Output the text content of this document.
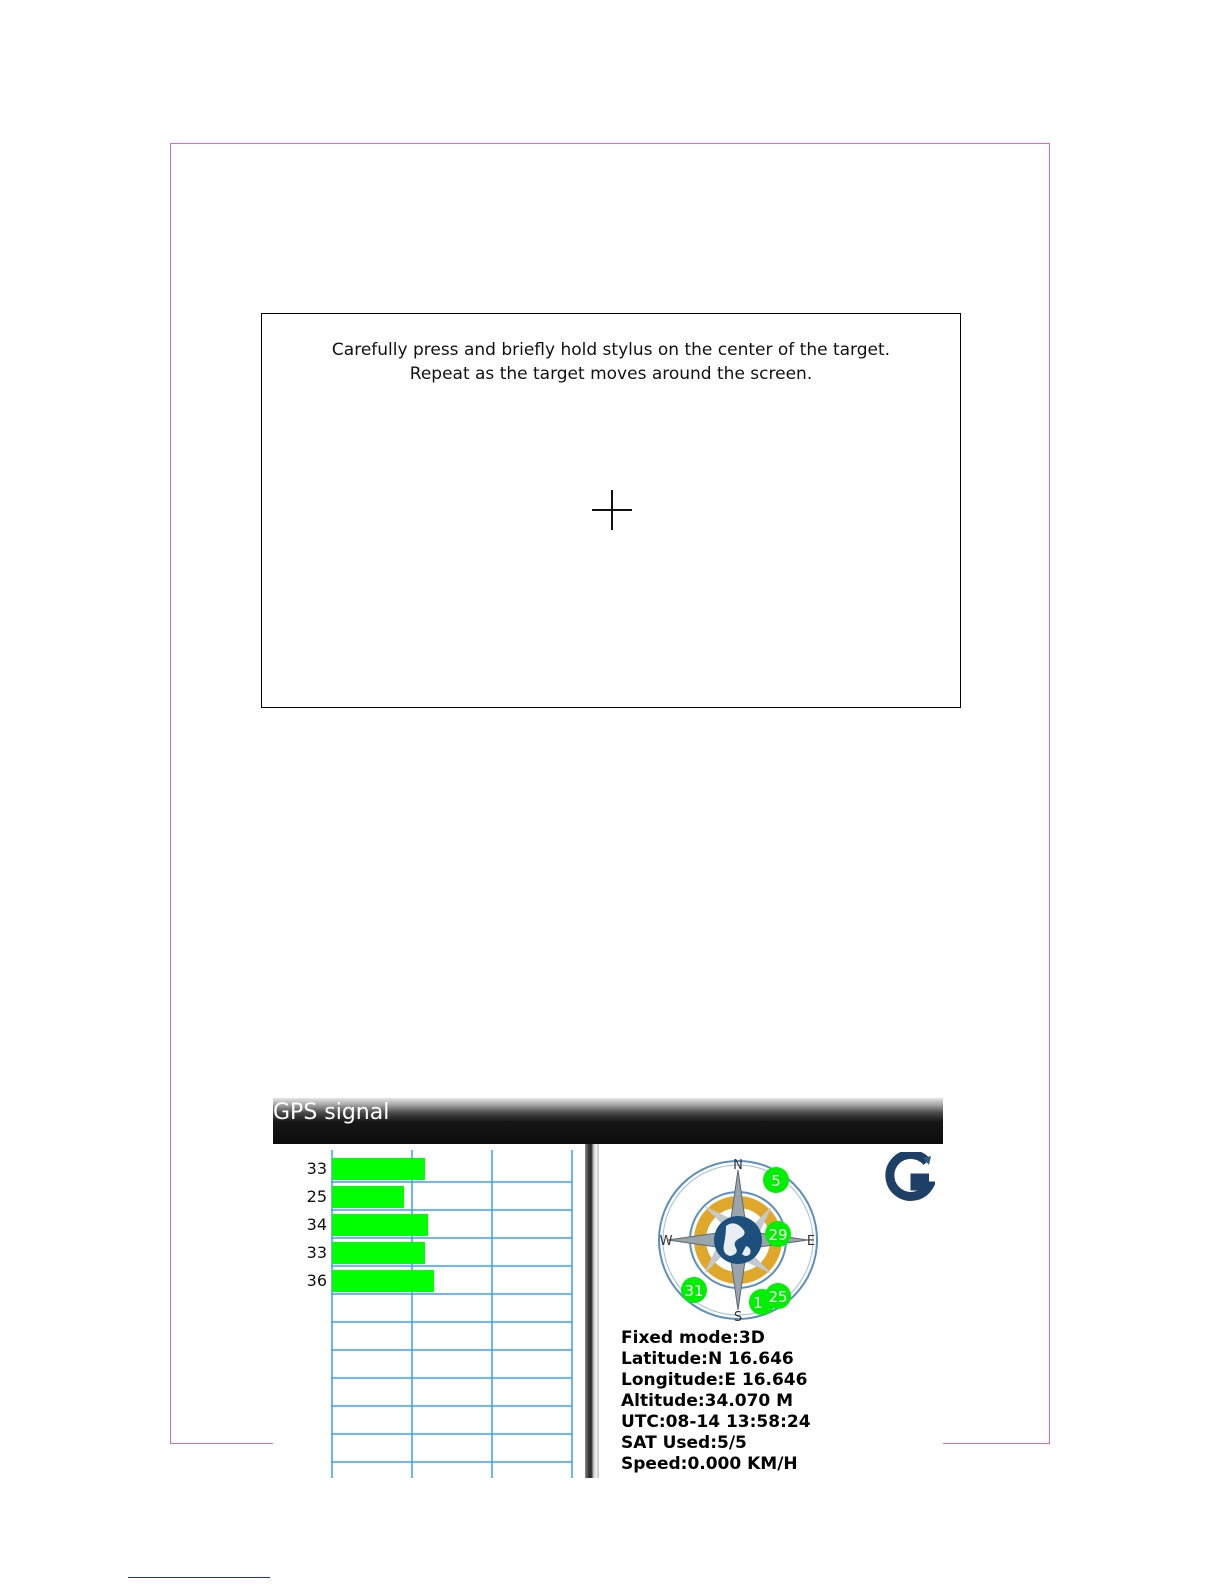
Carefully press and briefly hold stylus on the center of the target.
Repeat as the target moves around the screen.
GPS signal
N
S
W	E
5
29
31
1 25
Fixed mode:3D
Latitude:N 16.646
Longitude:E 16.646
Altitude:34.070 M
UTC:08-14 13:58:24
SAT Used:5/5
Speed:0.000 KM/H
33
25
34
33
36
